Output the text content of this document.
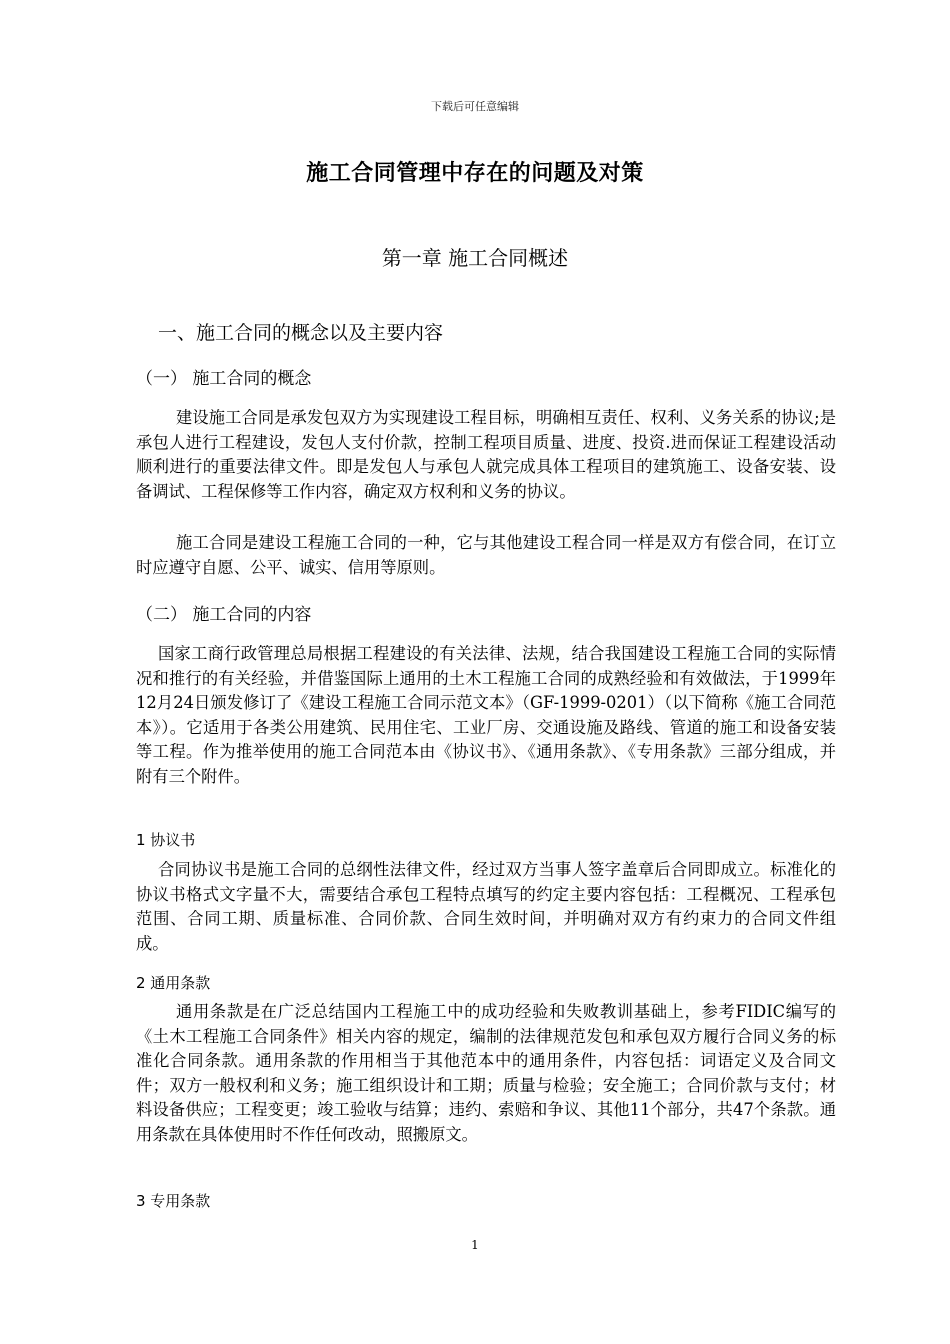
下载后可任意编辑
施工合同管理中存在的问题及对策
第一章 施工合同概述
一、施工合同的概念以及主要内容
（一） 施工合同的概念

建设施工合同是承发包双方为实现建设工程目标，明确相互责任、权利、义务关系的协议;是承包人进行工程建设，发包人支付价款，控制工程项目质量、进度、投资.进而保证工程建设活动顺利进行的重要法律文件。即是发包人与承包人就完成具体工程项目的建筑施工、设备安装、设备调试、工程保修等工作内容，确定双方权利和义务的协议。

施工合同是建设工程施工合同的一种，它与其他建设工程合同一样是双方有偿合同，在订立时应遵守自愿、公平、诚实、信用等原则。

（二） 施工合同的内容

国家工商行政管理总局根据工程建设的有关法律、法规，结合我国建设工程施工合同的实际情况和推行的有关经验，并借鉴国际上通用的土木工程施工合同的成熟经验和有效做法，于1999年12月24日颁发修订了《建设工程施工合同示范文本》（GF-1999-0201）（以下简称《施工合同范本》）。它适用于各类公用建筑、民用住宅、工业厂房、交通设施及路线、管道的施工和设备安装等工程。作为推举使用的施工合同范本由《协议书》、《通用条款》、《专用条款》三部分组成，并附有三个附件。

1 协议书

合同协议书是施工合同的总纲性法律文件，经过双方当事人签字盖章后合同即成立。标准化的协议书格式文字量不大，需要结合承包工程特点填写的约定主要内容包括：工程概况、工程承包范围、合同工期、质量标准、合同价款、合同生效时间，并明确对双方有约束力的合同文件组成。

2 通用条款

通用条款是在广泛总结国内工程施工中的成功经验和失败教训基础上，参考FIDIC编写的《土木工程施工合同条件》相关内容的规定，编制的法律规范发包和承包双方履行合同义务的标准化合同条款。通用条款的作用相当于其他范本中的通用条件，内容包括：词语定义及合同文件；双方一般权利和义务；施工组织设计和工期；质量与检验；安全施工；合同价款与支付；材料设备供应；工程变更；竣工验收与结算；违约、索赔和争议、其他11个部分，共47个条款。通用条款在具体使用时不作任何改动，照搬原文。

3 专用条款
1
